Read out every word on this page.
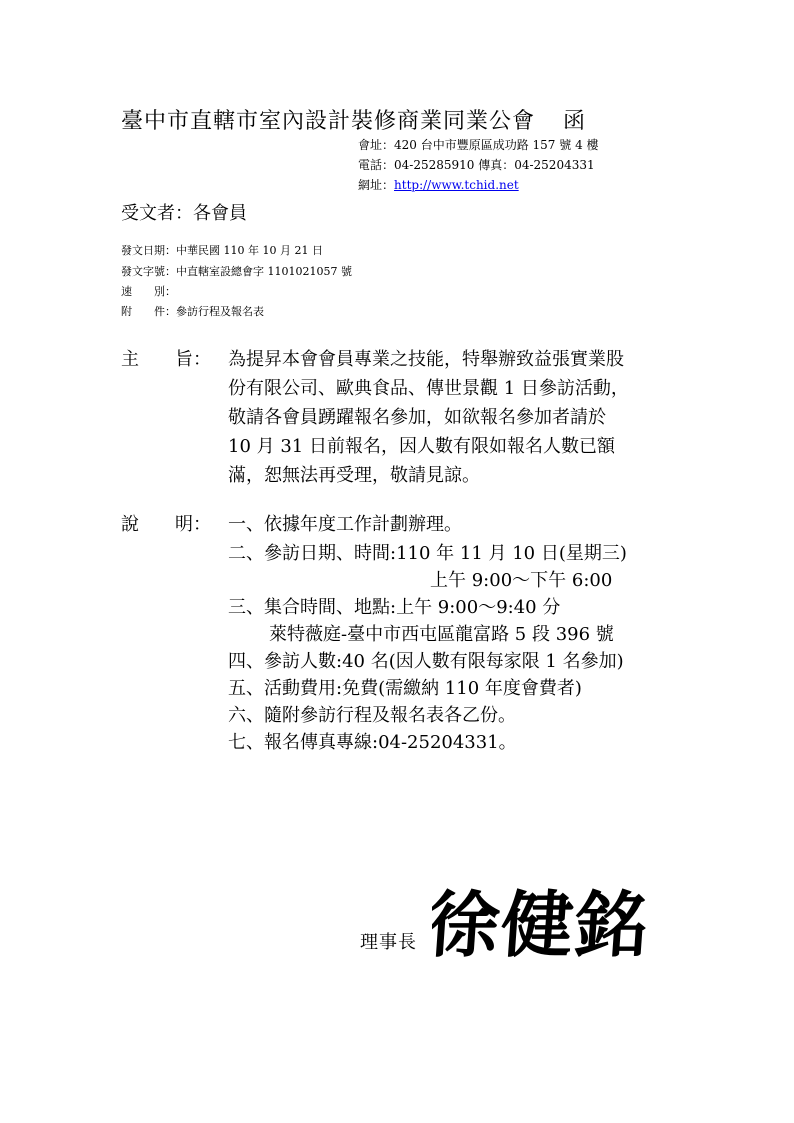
臺中市直轄市室內設計裝修商業同業公會 函
會址：420 台中市豐原區成功路 157 號 4 樓
電話：04-25285910 傳真：04-25204331
網址：http://www.tchid.net
受文者：各會員
發文日期：中華民國 110 年 10 月 21 日
發文字號：中直轄室設總會字 1101021057 號
速　　別：
附　　件：參訪行程及報名表
主　　旨： 為提昇本會會員專業之技能，特舉辦致益張實業股
份有限公司、歐典食品、傳世景觀 1 日參訪活動，
敬請各會員踴躍報名參加，如欲報名參加者請於
10 月 31 日前報名，因人數有限如報名人數已額
滿，恕無法再受理，敬請見諒。
說　　明： 一、依據年度工作計劃辦理。
二、參訪日期、時間:110 年 11 月 10 日(星期三)
上午 9:00～下午 6:00
三、集合時間、地點:上午 9:00～9:40 分
萊特薇庭-臺中市西屯區龍富路 5 段 396 號
四、參訪人數:40 名(因人數有限每家限 1 名參加)
五、活動費用:免費(需繳納 110 年度會費者)
六、隨附參訪行程及報名表各乙份。
七、報名傳真專線:04-25204331。
理事長 徐健銘
